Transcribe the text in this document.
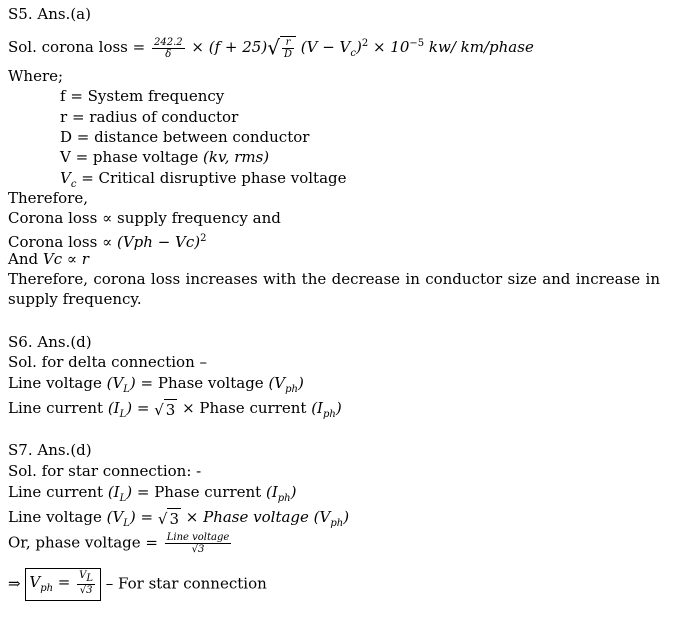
S5. Ans.(a)
Sol. corona loss = $\frac{242.2}{\delta} \times (f + 25)√ \frac{r}{D} (V - V_c)^2 \times 10^{-5}$ kw/ km/phase
Where;
f = System frequency
r = radius of conductor
D = distance between conductor
V = phase voltage (kv, rms)
$V_c$ = Critical disruptive phase voltage
Therefore,
Corona loss ∝ supply frequency and
Corona loss ∝ (Vph − Vc)$^2$
And Vc ∝ r
Therefore, corona loss increases with the decrease in conductor size and increase in supply frequency.
S6. Ans.(d)
Sol. for delta connection –
Line voltage $(V_L)$ = Phase voltage $(V_{ph})$
Line current $(I_L)$ = √ 3 × Phase current $(I_{ph})$
S7. Ans.(d)
Sol. for star connection: -
Line current $(I_L)$ = Phase current $(I_{ph})$
Line voltage $(V_L)$ = √ 3 × Phase voltage $(V_{ph})$
Or, phase voltage = $\frac{\text{Line voltage}}{√3}$
⇒ $V_{ph} = \frac{VL}{√3}$ – For star connection
